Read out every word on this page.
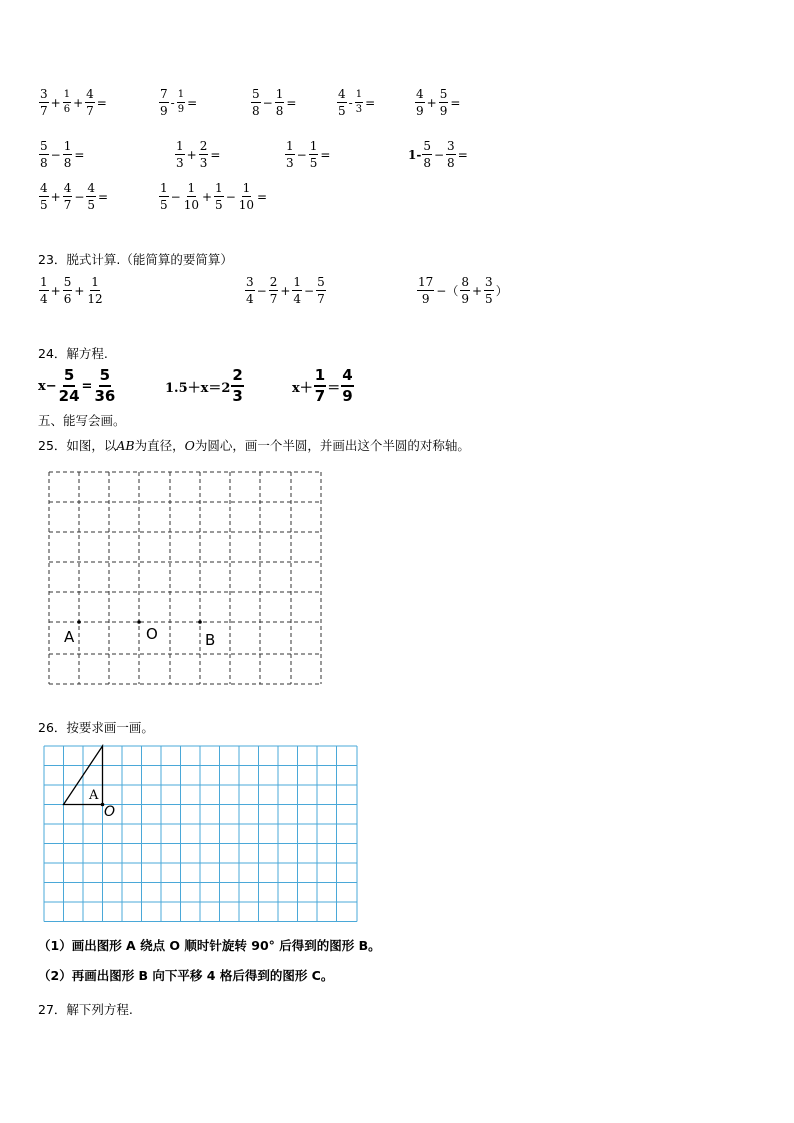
$\frac{3}{7} + \frac{1}{6} + \frac{4}{7}$ =	$\frac{7}{9} - \frac{1}{9}$ =	$\frac{5}{8} - \frac{1}{8}$ =	$\frac{4}{5} - \frac{1}{3}$ =	$\frac{4}{9} + \frac{5}{9}$ =
$\frac{5}{8} - \frac{1}{8}$ =	$\frac{1}{3} + \frac{2}{3}$ =	$\frac{1}{3} - \frac{1}{5}$ =	$1- \frac{5}{8} - \frac{3}{8}$ =
$\frac{4}{5} + \frac{4}{7} - \frac{4}{5}$ =	$\frac{1}{5} - \frac{1}{10} + \frac{1}{5} - \frac{1}{10}$ =
23．脱式计算.（能简算的要简算）
$\frac{1}{4} + \frac{5}{6} + \frac{1}{12}$	$\frac{3}{4} - \frac{2}{7} + \frac{1}{4} - \frac{5}{7}$	$\frac{17}{9}$ −（ $\frac{8}{9} + \frac{3}{5}$ ）
24．解方程.
$x- \frac{5}{24} = \frac{5}{36}$	$1.5+x=2 \frac{2}{3}$	$x+ \frac{1}{7} = \frac{4}{9}$
五、能写会画。
25．如图，以AB为直径，O为圆心，画一个半圆，并画出这个半圆的对称轴。
A	O	B
26．按要求画一画。
A
O
（1）画出图形 A 绕点 O 顺时针旋转 90° 后得到的图形 B。
（2）再画出图形 B 向下平移 4 格后得到的图形 C。
27．解下列方程.
